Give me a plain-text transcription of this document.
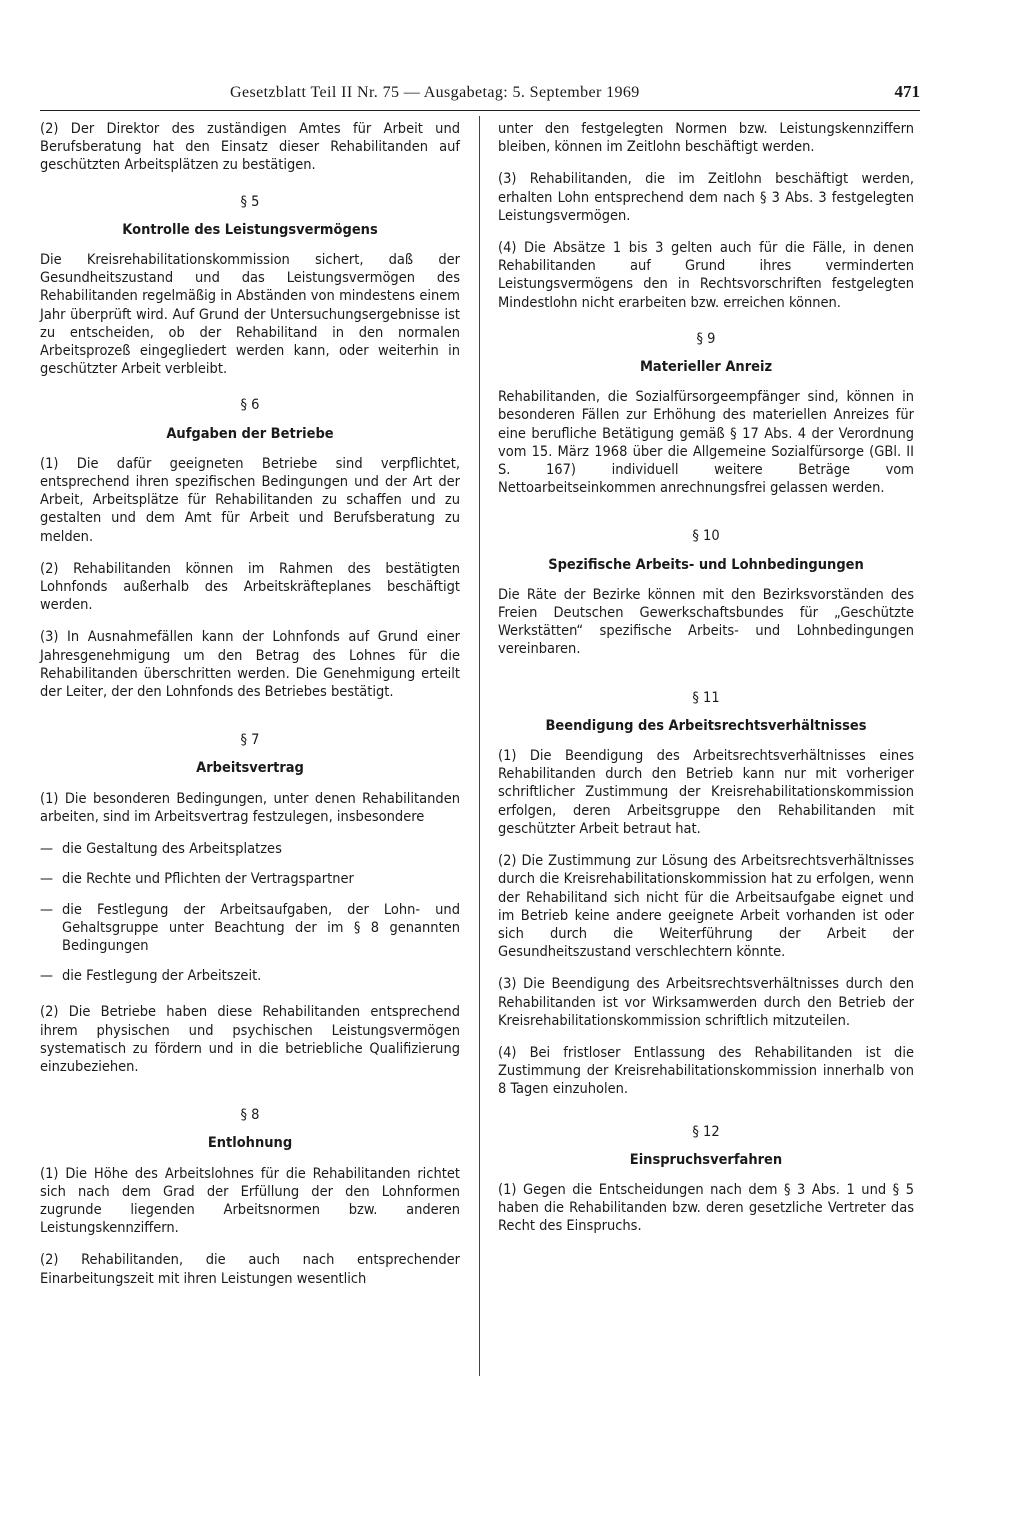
Gesetzblatt Teil II Nr. 75 — Ausgabetag: 5. September 1969	471

(2) Der Direktor des zuständigen Amtes für Arbeit und Berufsberatung hat den Einsatz dieser Rehabilitanden auf geschützten Arbeitsplätzen zu bestätigen.

§ 5
Kontrolle des Leistungsvermögens

Die Kreisrehabilitationskommission sichert, daß der Gesundheitszustand und das Leistungsvermögen des Rehabilitanden regelmäßig in Abständen von mindestens einem Jahr überprüft wird. Auf Grund der Untersuchungsergebnisse ist zu entscheiden, ob der Rehabilitand in den normalen Arbeitsprozeß eingegliedert werden kann, oder weiterhin in geschützter Arbeit verbleibt.

§ 6
Aufgaben der Betriebe

(1) Die dafür geeigneten Betriebe sind verpflichtet, entsprechend ihren spezifischen Bedingungen und der Art der Arbeit, Arbeitsplätze für Rehabilitanden zu schaffen und zu gestalten und dem Amt für Arbeit und Berufsberatung zu melden.

(2) Rehabilitanden können im Rahmen des bestätigten Lohnfonds außerhalb des Arbeitskräfteplanes beschäftigt werden.

(3) In Ausnahmefällen kann der Lohnfonds auf Grund einer Jahresgenehmigung um den Betrag des Lohnes für die Rehabilitanden überschritten werden. Die Genehmigung erteilt der Leiter, der den Lohnfonds des Betriebes bestätigt.

§ 7
Arbeitsvertrag

(1) Die besonderen Bedingungen, unter denen Rehabilitanden arbeiten, sind im Arbeitsvertrag festzulegen, insbesondere

— die Gestaltung des Arbeitsplatzes
— die Rechte und Pflichten der Vertragspartner
— die Festlegung der Arbeitsaufgaben, der Lohn- und Gehaltsgruppe unter Beachtung der im § 8 genannten Bedingungen
— die Festlegung der Arbeitszeit.

(2) Die Betriebe haben diese Rehabilitanden entsprechend ihrem physischen und psychischen Leistungsvermögen systematisch zu fördern und in die betriebliche Qualifizierung einzubeziehen.

§ 8
Entlohnung

(1) Die Höhe des Arbeitslohnes für die Rehabilitanden richtet sich nach dem Grad der Erfüllung der den Lohnformen zugrunde liegenden Arbeitsnormen bzw. anderen Leistungskennziffern.

(2) Rehabilitanden, die auch nach entsprechender Einarbeitungszeit mit ihren Leistungen wesentlich

unter den festgelegten Normen bzw. Leistungskennziffern bleiben, können im Zeitlohn beschäftigt werden.

(3) Rehabilitanden, die im Zeitlohn beschäftigt werden, erhalten Lohn entsprechend dem nach § 3 Abs. 3 festgelegten Leistungsvermögen.

(4) Die Absätze 1 bis 3 gelten auch für die Fälle, in denen Rehabilitanden auf Grund ihres verminderten Leistungsvermögens den in Rechtsvorschriften festgelegten Mindestlohn nicht erarbeiten bzw. erreichen können.

§ 9
Materieller Anreiz

Rehabilitanden, die Sozialfürsorgeempfänger sind, können in besonderen Fällen zur Erhöhung des materiellen Anreizes für eine berufliche Betätigung gemäß § 17 Abs. 4 der Verordnung vom 15. März 1968 über die Allgemeine Sozialfürsorge (GBl. II S. 167) individuell weitere Beträge vom Nettoarbeitseinkommen anrechnungsfrei gelassen werden.

§ 10
Spezifische Arbeits- und Lohnbedingungen

Die Räte der Bezirke können mit den Bezirksvorständen des Freien Deutschen Gewerkschaftsbundes für „Geschützte Werkstätten“ spezifische Arbeits- und Lohnbedingungen vereinbaren.

§ 11
Beendigung des Arbeitsrechtsverhältnisses

(1) Die Beendigung des Arbeitsrechtsverhältnisses eines Rehabilitanden durch den Betrieb kann nur mit vorheriger schriftlicher Zustimmung der Kreisrehabilitationskommission erfolgen, deren Arbeitsgruppe den Rehabilitanden mit geschützter Arbeit betraut hat.

(2) Die Zustimmung zur Lösung des Arbeitsrechtsverhältnisses durch die Kreisrehabilitationskommission hat zu erfolgen, wenn der Rehabilitand sich nicht für die Arbeitsaufgabe eignet und im Betrieb keine andere geeignete Arbeit vorhanden ist oder sich durch die Weiterführung der Arbeit der Gesundheitszustand verschlechtern könnte.

(3) Die Beendigung des Arbeitsrechtsverhältnisses durch den Rehabilitanden ist vor Wirksamwerden durch den Betrieb der Kreisrehabilitationskommission schriftlich mitzuteilen.

(4) Bei fristloser Entlassung des Rehabilitanden ist die Zustimmung der Kreisrehabilitationskommission innerhalb von 8 Tagen einzuholen.

§ 12
Einspruchsverfahren

(1) Gegen die Entscheidungen nach dem § 3 Abs. 1 und § 5 haben die Rehabilitanden bzw. deren gesetzliche Vertreter das Recht des Einspruchs.
